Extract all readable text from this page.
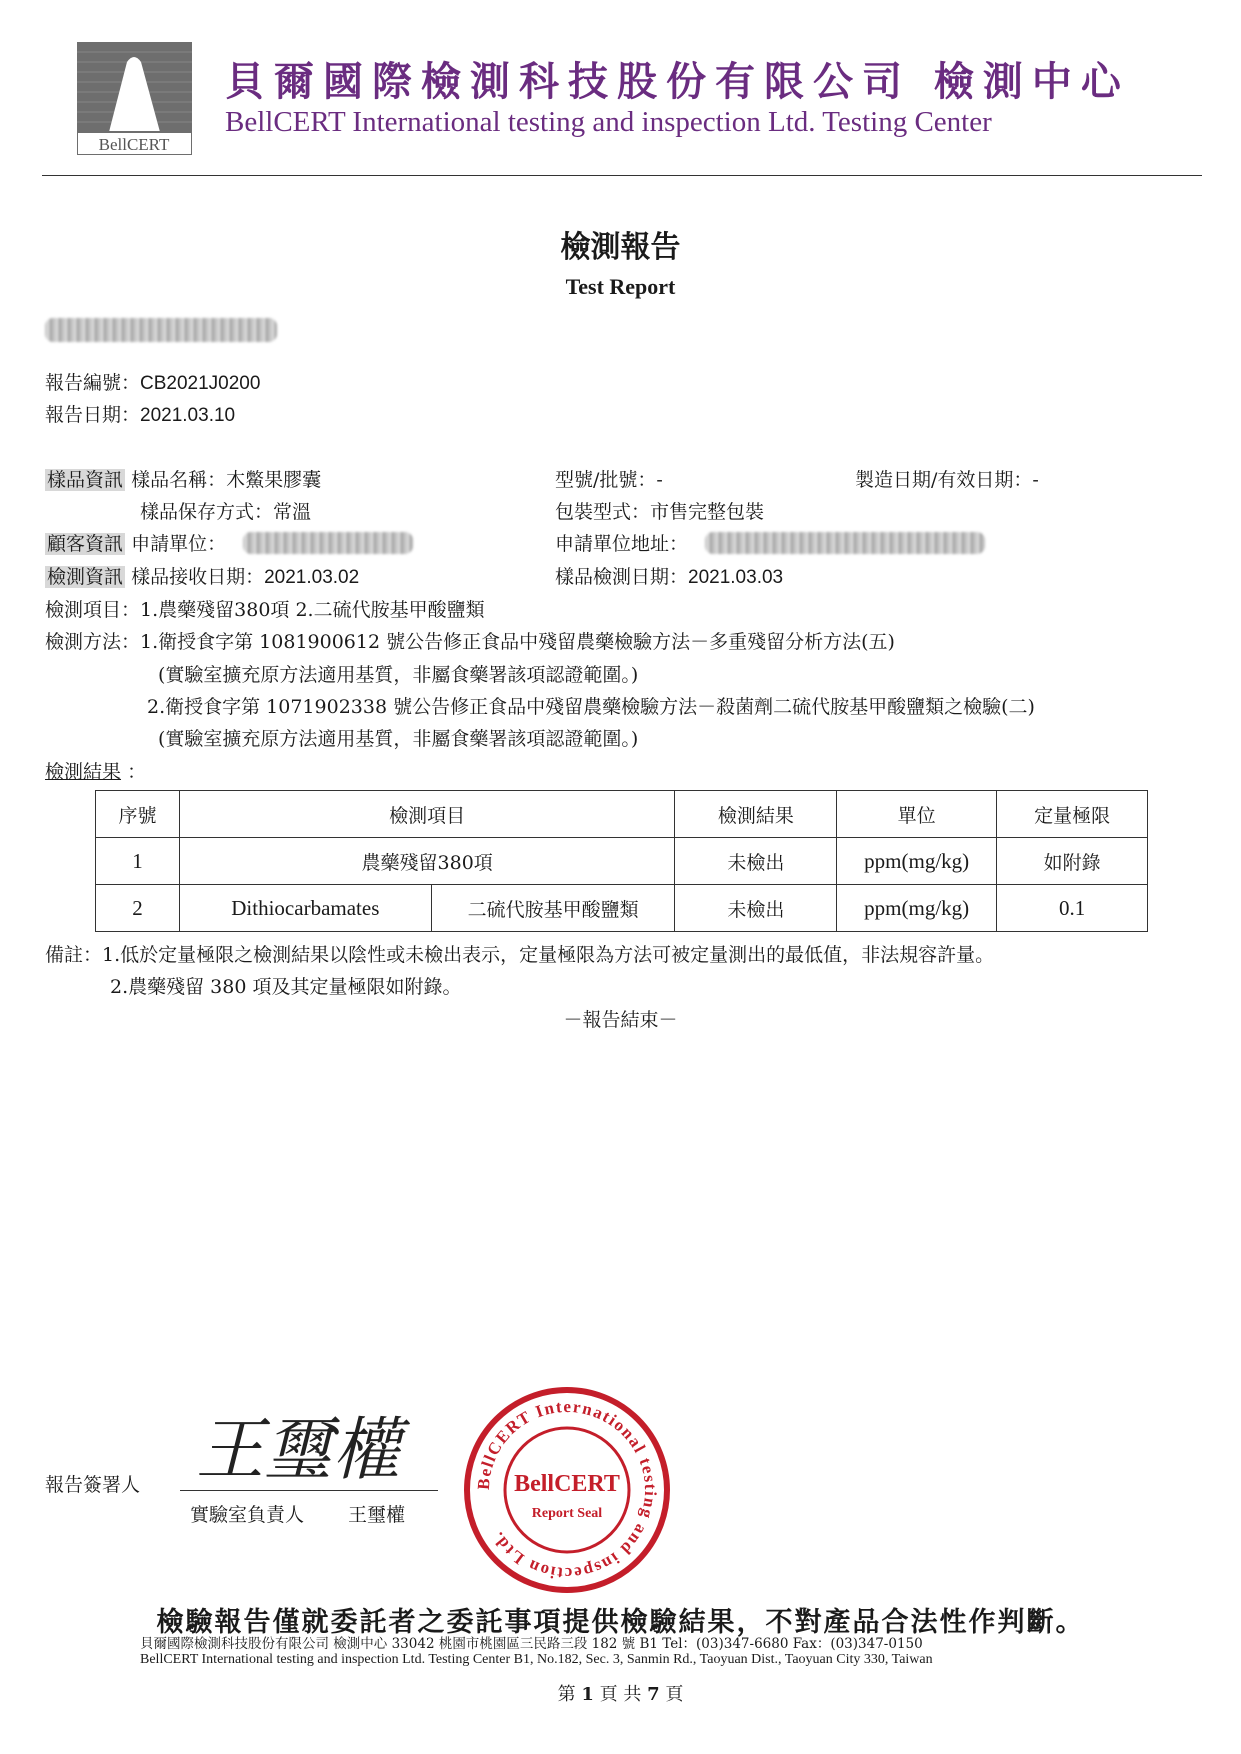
BellCERT
貝爾國際檢測科技股份有限公司 檢測中心
BellCERT International testing and inspection Ltd. Testing Center
檢測報告
Test Report
報告編號：CB2021J0200
報告日期：2021.03.10
樣品資訊 樣品名稱：木鱉果膠囊	型號/批號：-	製造日期/有效日期：-
樣品保存方式：常溫	包裝型式：市售完整包裝
顧客資訊 申請單位：	申請單位地址：
檢測資訊 樣品接收日期：2021.03.02	樣品檢測日期：2021.03.03
檢測項目：1.農藥殘留380項 2.二硫代胺基甲酸鹽類
檢測方法：1.衛授食字第 1081900612 號公告修正食品中殘留農藥檢驗方法－多重殘留分析方法(五)
(實驗室擴充原方法適用基質，非屬食藥署該項認證範圍。)
2.衛授食字第 1071902338 號公告修正食品中殘留農藥檢驗方法－殺菌劑二硫代胺基甲酸鹽類之檢驗(二)
(實驗室擴充原方法適用基質，非屬食藥署該項認證範圍。)
檢測結果 ：
序號	檢測項目		檢測結果	單位	定量極限
1	農藥殘留380項		未檢出	ppm(mg/kg)	如附錄
2	Dithiocarbamates	二硫代胺基甲酸鹽類	未檢出	ppm(mg/kg)	0.1
備註：1.低於定量極限之檢測結果以陰性或未檢出表示，定量極限為方法可被定量測出的最低值，非法規容許量。
2.農藥殘留 380 項及其定量極限如附錄。
－報告結束－
報告簽署人 王璽權
實驗室負責人 王璽權
BellCERT International testing and inspection Ltd.
BellCERT
Report Seal
檢驗報告僅就委託者之委託事項提供檢驗結果，不對產品合法性作判斷。
貝爾國際檢測科技股份有限公司 檢測中心 33042 桃園市桃園區三民路三段 182 號 B1 Tel：(03)347-6680 Fax：(03)347-0150
BellCERT International testing and inspection Ltd. Testing Center B1, No.182, Sec. 3, Sanmin Rd., Taoyuan Dist., Taoyuan City 330, Taiwan
第 1 頁 共 7 頁
